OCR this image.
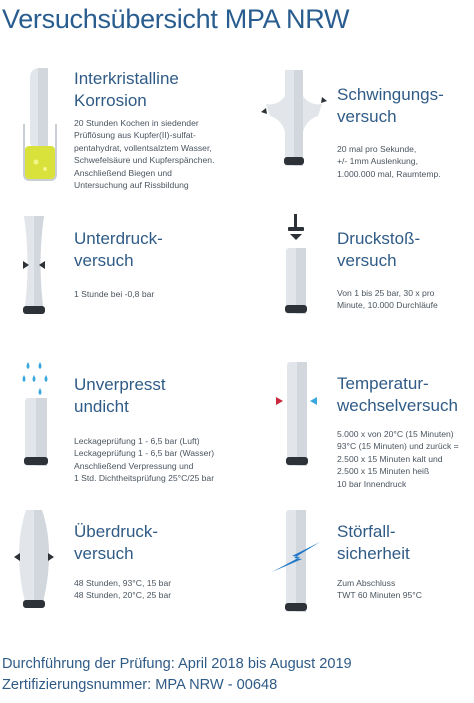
Versuchsübersicht MPA NRW
Interkristalline
Korrosion
20 Stunden Kochen in siedender
Prüflösung aus Kupfer(II)-sulfat-
pentahydrat, vollentsalztem Wasser,
Schwefelsäure und Kupferspänchen.
Anschließend Biegen und
Untersuchung auf Rissbildung
Schwingungs-
versuch
20 mal pro Sekunde,
+/- 1mm Auslenkung,
1.000.000 mal, Raumtemp.
Unterdruck-
versuch
1 Stunde bei -0,8 bar
Druckstoß-
versuch
Von 1 bis 25 bar, 30 x pro
Minute, 10.000 Durchläufe
Unverpresst
undicht
Leckageprüfung 1 - 6,5 bar (Luft)
Leckageprüfung 1 - 6,5 bar (Wasser)
Anschließend Verpressung und
1 Std. Dichtheitsprüfung 25°C/25 bar
Temperatur-
wechselversuch
5.000 x von 20°C (15 Minuten)
93°C (15 Minuten) und zurück =
2.500 x 15 Minuten kalt und
2.500 x 15 Minuten heiß
10 bar Innendruck
Überdruck-
versuch
48 Stunden, 93°C, 15 bar
48 Stunden, 20°C, 25 bar
Störfall-
sicherheit
Zum Abschluss
TWT 60 Minuten 95°C
Durchführung der Prüfung: April 2018 bis August 2019
Zertifizierungsnummer: MPA NRW - 00648
